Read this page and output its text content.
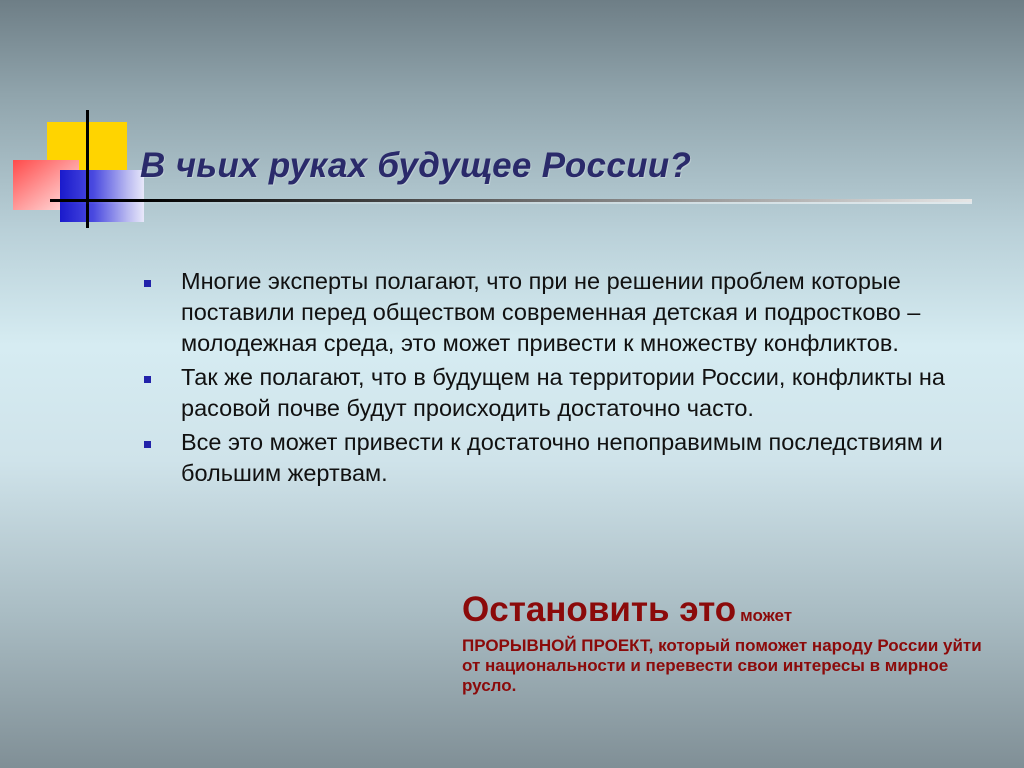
В чьих руках будущее России?
Многие эксперты полагают, что при не решении проблем которые поставили перед обществом современная детская и подростково – молодежная среда, это может привести к множеству конфликтов.
Так же полагают, что в будущем на территории России, конфликты на расовой почве будут происходить достаточно часто.
Все это может привести к достаточно непоправимым последствиям и большим жертвам.
Остановить это может
ПРОРЫВНОЙ ПРОЕКТ, который поможет народу России уйти от национальности и перевести свои интересы в мирное русло.
